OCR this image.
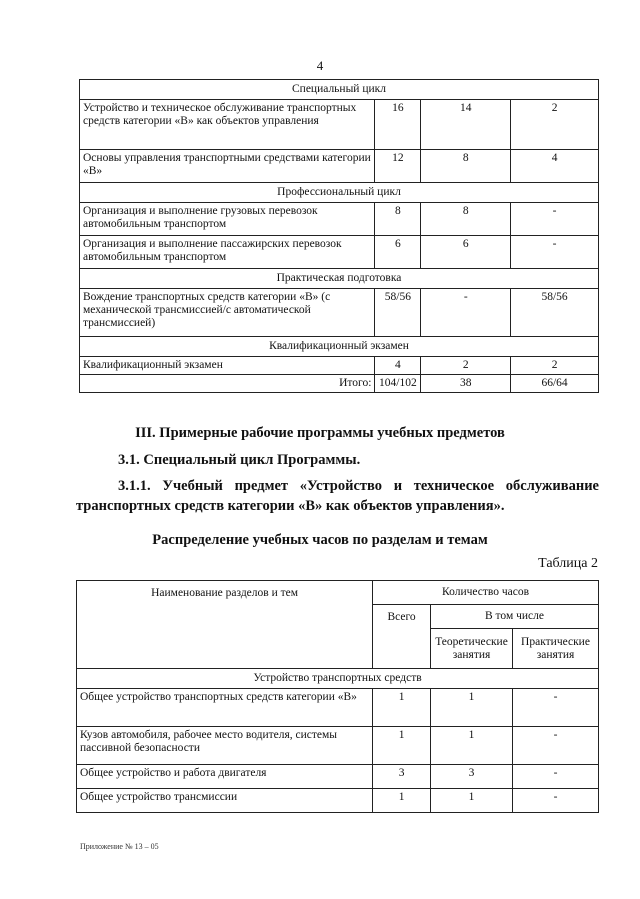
4
Специальный цикл			
Устройство и техническое обслуживание транспортных средств категории «В» как объектов управления	16	14	2
Основы управления транспортными средствами категории «В»	12	8	4
Профессиональный цикл			
Организация и выполнение грузовых перевозок автомобильным транспортом	8	8	-
Организация и выполнение пассажирских перевозок автомобильным транспортом	6	6	-
Практическая подготовка			
Вождение транспортных средств категории «В» (с механической трансмиссией/с автоматической трансмиссией)	58/56	-	58/56
Квалификационный экзамен			
Квалификационный экзамен	4	2	2
Итого:	104/102	38	66/64
III. Примерные рабочие программы учебных предметов
3.1. Специальный цикл Программы.
3.1.1. Учебный предмет «Устройство и техническое обслуживание транспортных средств категории «В» как объектов управления».
Распределение учебных часов по разделам и темам
Таблица 2
Наименование разделов и тем	Количество часов		
	Всего	В том числе	
		Теоретические занятия	Практические занятия
Устройство транспортных средств			
Общее устройство транспортных средств категории «В»	1	1	-
Кузов автомобиля, рабочее место водителя, системы пассивной безопасности	1	1	-
Общее устройство и работа двигателя	3	3	-
Общее устройство трансмиссии	1	1	-
Приложение № 13 – 05
